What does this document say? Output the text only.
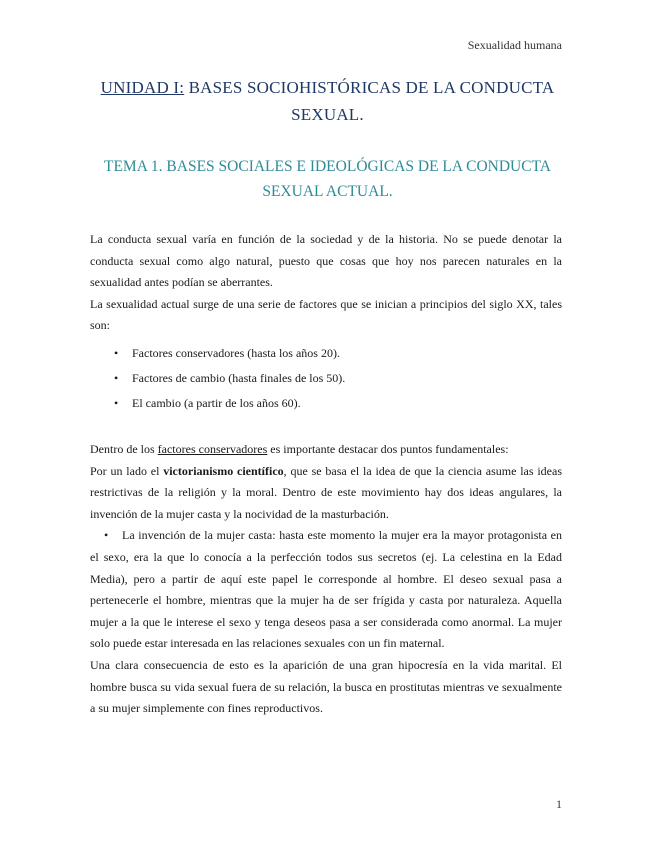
Sexualidad humana
UNIDAD I: BASES SOCIOHISTÓRICAS DE LA CONDUCTA SEXUAL.
TEMA 1. BASES SOCIALES E IDEOLÓGICAS DE LA CONDUCTA SEXUAL ACTUAL.

La conducta sexual varía en función de la sociedad y de la historia. No se puede denotar la conducta sexual como algo natural, puesto que cosas que hoy nos parecen naturales en la sexualidad antes podían se aberrantes.

La sexualidad actual surge de una serie de factores que se inician a principios del siglo XX, tales son:

• Factores conservadores (hasta los años 20).
• Factores de cambio (hasta finales de los 50).
• El cambio (a partir de los años 60).

Dentro de los factores conservadores es importante destacar dos puntos fundamentales:

Por un lado el victorianismo científico, que se basa el la idea de que la ciencia asume las ideas restrictivas de la religión y la moral. Dentro de este movimiento hay dos ideas angulares, la invención de la mujer casta y la nocividad de la masturbación.

• La invención de la mujer casta: hasta este momento la mujer era la mayor protagonista en el sexo, era la que lo conocía a la perfección todos sus secretos (ej. La celestina en la Edad Media), pero a partir de aquí este papel le corresponde al hombre. El deseo sexual pasa a pertenecerle el hombre, mientras que la mujer ha de ser frígida y casta por naturaleza. Aquella mujer a la que le interese el sexo y tenga deseos pasa a ser considerada como anormal. La mujer solo puede estar interesada en las relaciones sexuales con un fin maternal.

Una clara consecuencia de esto es la aparición de una gran hipocresía en la vida marital. El hombre busca su vida sexual fuera de su relación, la busca en prostitutas mientras ve sexualmente a su mujer simplemente con fines reproductivos.

1
